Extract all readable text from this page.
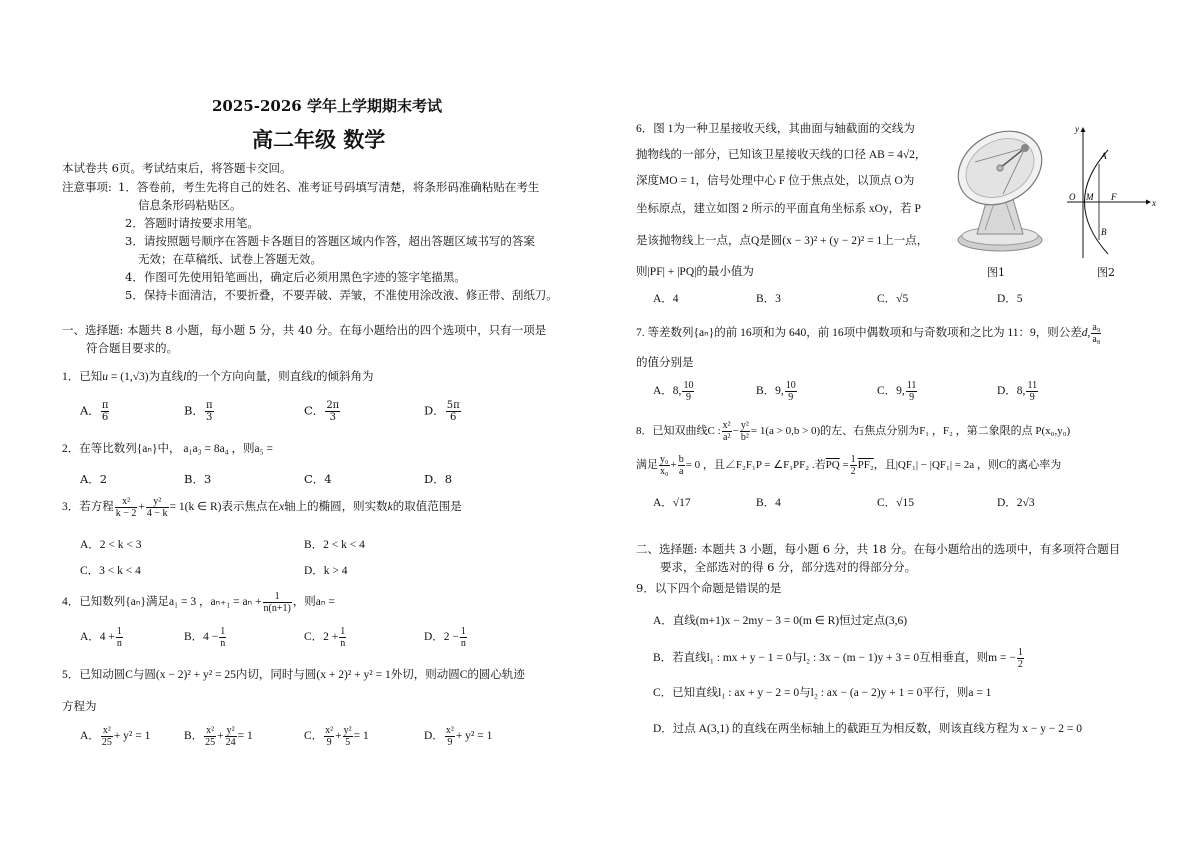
2025-2026 学年上学期期末考试
高二年级 数学
本试卷共 6页。考试结束后，将答题卡交回。
注意事项: 1．答卷前，考生先将自己的姓名、准考证号码填写清楚，将条形码准确粘贴在考生
信息条形码粘贴区。
2．答题时请按要求用笔。
3．请按照题号顺序在答题卡各题目的答题区域内作答，超出答题区域书写的答案
无效；在草稿纸、试卷上答题无效。
4．作图可先使用铅笔画出，确定后必须用黑色字迹的签字笔描黑。
5．保持卡面清洁，不要折叠，不要弄破、弄皱，不准使用涂改液、修正带、刮纸刀。
一、选择题: 本题共 8 小题，每小题 5 分，共 40 分。在每小题给出的四个选项中，只有一项是
符合题目要求的。
1．已知u = (1,√3)为直线l的一个方向向量，则直线l的倾斜角为
A． $\frac{\pi}{6}$	B． $\frac{\pi}{3}$	C． $\frac{2\pi}{3}$	D． $\frac{5\pi}{6}$
2．在等比数列{aₙ}中， a₁a₃ = 8a₄ ，则a₅ =
A．2	B．3	C．4	D．8
3．若方程 $\frac{\text{x²}}{k - 2} + \frac{\text{y²}}{4 - k} = 1(k$ ∈ R)表示焦点在x轴上的椭圆，则实数k的取值范围是
A．2 < k < 3	B．2 < k < 4
C．3 < k < 4	D．k > 4
4．已知数列{aₙ}满足a₁ = 3 ，$a_{n+1} = a_n + \frac{1}{n(n+1)}$ ，则aₙ =
A．$4 + \frac{1}{n}$	B．$4 - \frac{1}{n}$	C．$2 + \frac{1}{n}$	D．$2 - \frac{1}{n}$
5．已知动圆C与圆(x − 2)² + y² = 25内切，同时与圆(x + 2)² + y² = 1外切，则动圆C的圆心轨迹
方程为
A． $\frac{\text{x²}}{25} + y^2 = 1$	B． $\frac{\text{x²}}{25} + \frac{\text{y²}}{24} = 1$	C． $\frac{\text{x²}}{9} + \frac{\text{y²}}{5} = 1$	D． $\frac{\text{x²}}{9} + y^2 = 1$
6．图 1为一种卫星接收天线，其曲面与轴截面的交线为
抛物线的一部分，已知该卫星接收天线的口径 AB = 4√2，
深度MO = 1，信号处理中心 F 位于焦点处，以顶点 O为
坐标原点，建立如图 2 所示的平面直角坐标系 xOy，若 P
是该抛物线上一点，点Q是圆(x − 3)² + (y − 2)² = 1上一点，
则|PF| + |PQ|的最小值为
A．4	B．3	C．√5	D．5
7. 等差数列{aₙ}的前 16项和为 640，前 16项中偶数项和与奇数项和之比为 11：9，则公差d, $\frac{\text{a₉}}{\text{a₈}}$
的值分别是
A．8, $\frac{10}{9}$	B．9, $\frac{10}{9}$	C．9, $\frac{11}{9}$	D．8, $\frac{11}{9}$
8．已知双曲线C : $\frac{\text{x²}}{\text{a²}} - \frac{\text{y²}}{\text{b²}} = 1(a > 0,b > 0)$的左、右焦点分别为F₁ ，F₂ ，第二象限的点 P(x₀,y₀)
满足 $\frac{\text{y₀}}{\text{x₀}} + \frac{b}{a} = 0$ ，且∠F₂F₁P = ∠F₁PF₂ .若$\overline{PQ} = \frac{1}{2} PF_2$，且|QF₁| − |QF₁| = 2a ，则C的离心率为
A．√17	B．4	C．√15	D．2√3
二、选择题: 本题共 3 小题，每小题 6 分，共 18 分。在每小题给出的选项中，有多项符合题目
要求，全部选对的得 6 分，部分选对的得部分分。
9．以下四个命题是错误的是
A．直线(m+1)x − 2my − 3 = 0(m ∈ R)恒过定点(3,6)
B．若直线l₁ : mx + y − 1 = 0与l₂ : 3x − (m − 1)y + 3 = 0互相垂直，则m = − $\frac{1}{2}$
C．已知直线l₁ : ax + y − 2 = 0与l₂ : ax − (a − 2)y + 1 = 0平行，则a = 1
D．过点 A(3,1) 的直线在两坐标轴上的截距互为相反数，则该直线方程为 x − y − 2 = 0
图1
x
y
A
B
O M F
图2
